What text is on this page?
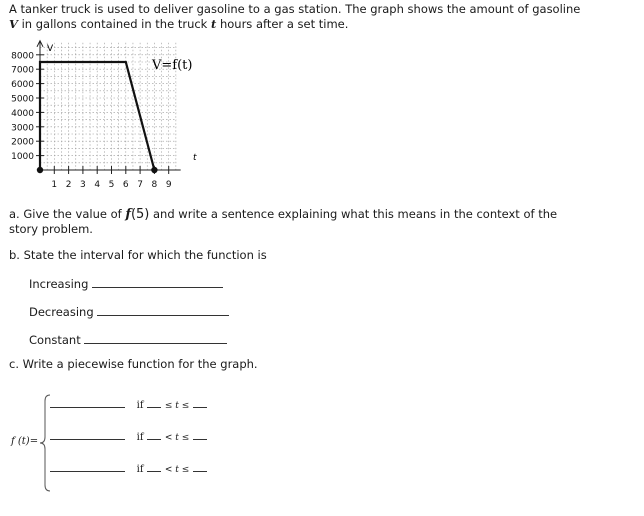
A tanker truck is used to deliver gasoline to a gas station. The graph shows the amount of gasoline
V in gallons contained in the truck t hours after a set time.
8000
7000
6000
5000
4000
3000
2000
1000
1 2 3 4 5 6 7 8 9
V
t
V=f(t)
a. Give the value of f(5) and write a sentence explaining what this means in the context of the
story problem.
b. State the interval for which the function is
Increasing
Decreasing
Constant
c. Write a piecewise function for the graph.
f (t)=
if ≤ t ≤
if < t ≤
if < t ≤
